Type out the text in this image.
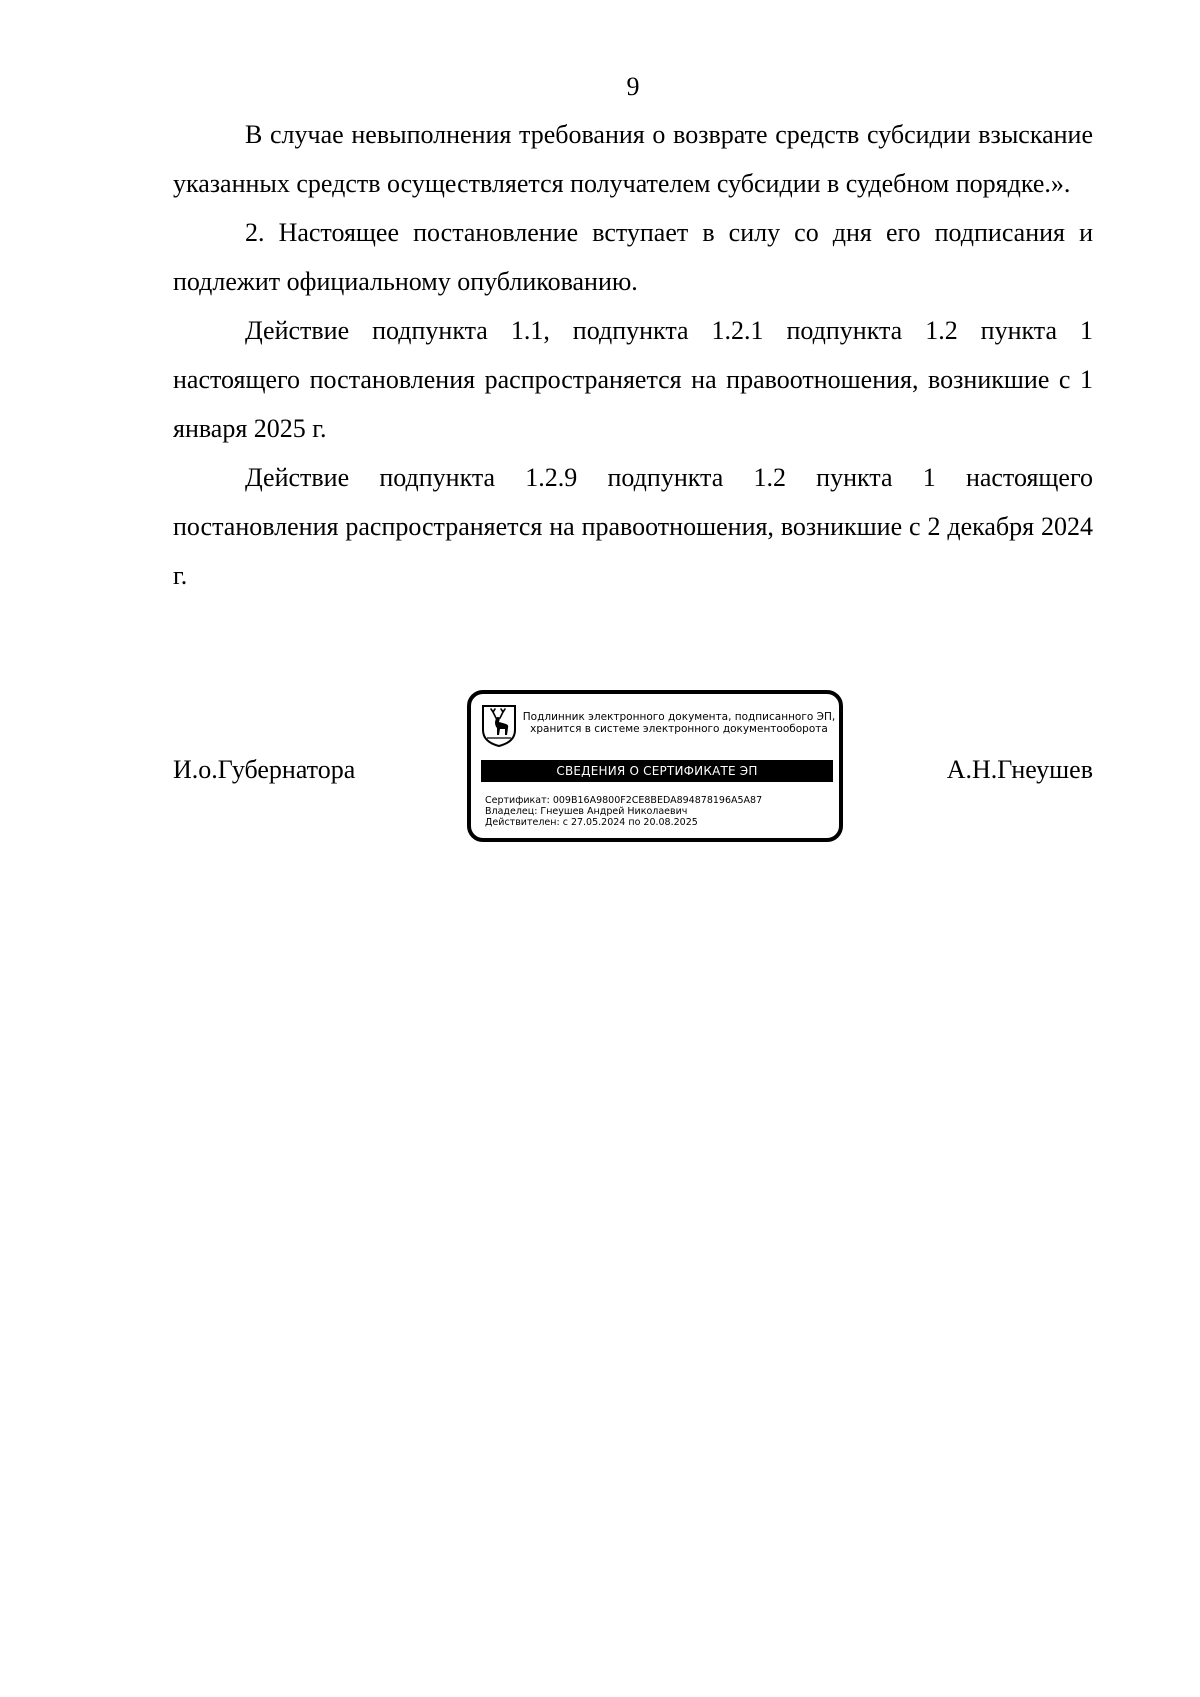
9

В случае невыполнения требования о возврате средств субсидии взыскание указанных средств осуществляется получателем субсидии в судебном порядке.».

2. Настоящее постановление вступает в силу со дня его подписания и подлежит официальному опубликованию.

Действие подпункта 1.1, подпункта 1.2.1 подпункта 1.2 пункта 1 настоящего постановления распространяется на правоотношения, возникшие с 1 января 2025 г.

Действие подпункта 1.2.9 подпункта 1.2 пункта 1 настоящего постановления распространяется на правоотношения, возникшие с 2 декабря 2024 г.

И.о.Губернатора
Подлинник электронного документа, подписанного ЭП,
хранится в системе электронного документооборота
СВЕДЕНИЯ О СЕРТИФИКАТЕ ЭП
Сертификат: 009B16A9800F2CE8BEDA894878196A5A87
Владелец: Гнеушев Андрей Николаевич
Действителен: с 27.05.2024 по 20.08.2025
А.Н.Гнеушев
